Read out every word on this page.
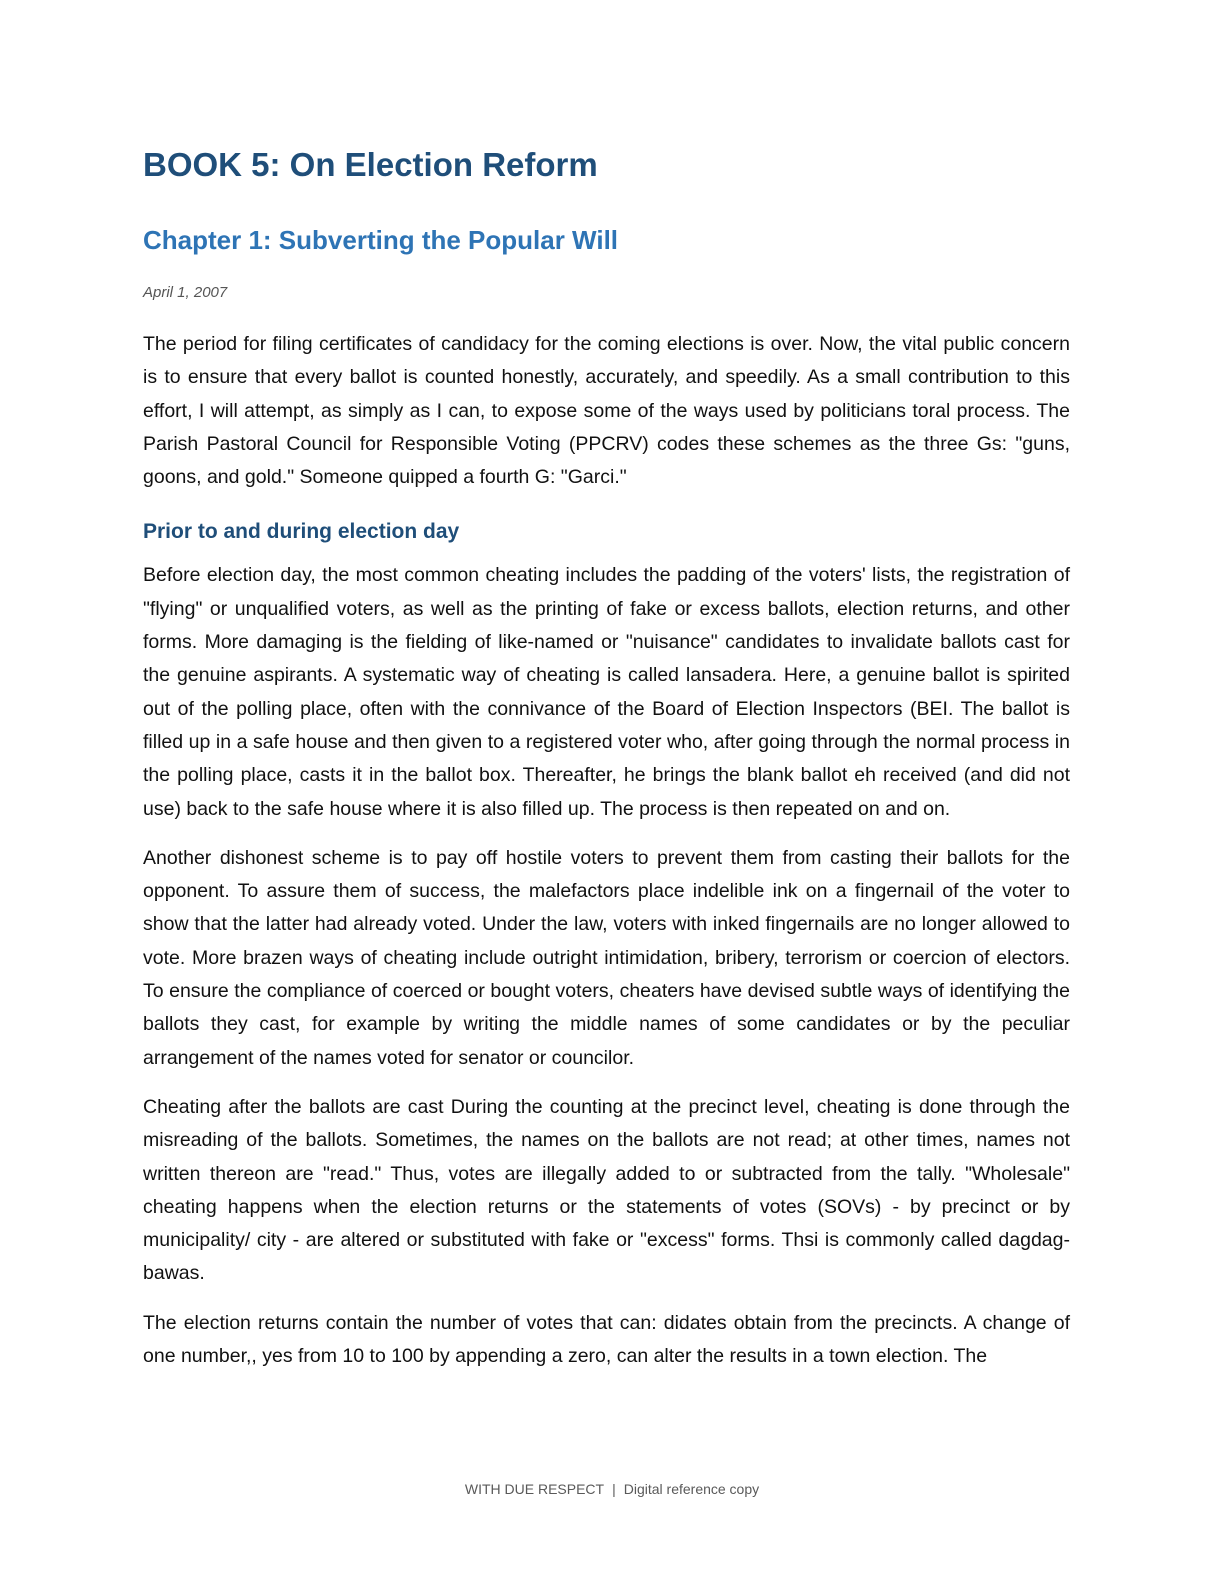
BOOK 5: On Election Reform
Chapter 1: Subverting the Popular Will

April 1, 2007

The period for filing certificates of candidacy for the coming elections is over. Now, the vital public concern is to ensure that every ballot is counted honestly, accurately, and speedily. As a small contribution to this effort, I will attempt, as simply as I can, to expose some of the ways used by politicians toral process. The Parish Pastoral Council for Responsible Voting (PPCRV) codes these schemes as the three Gs: "guns, goons, and gold." Someone quipped a fourth G: "Garci."

Prior to and during election day

Before election day, the most common cheating includes the padding of the voters' lists, the registration of "flying" or unqualified voters, as well as the printing of fake or excess ballots, election returns, and other forms. More damaging is the fielding of like-named or "nuisance" candidates to invalidate ballots cast for the genuine aspirants. A systematic way of cheating is called lansadera. Here, a genuine ballot is spirited out of the polling place, often with the connivance of the Board of Election Inspectors (BEI. The ballot is filled up in a safe house and then given to a registered voter who, after going through the normal process in the polling place, casts it in the ballot box. Thereafter, he brings the blank ballot eh received (and did not use) back to the safe house where it is also filled up. The process is then repeated on and on.

Another dishonest scheme is to pay off hostile voters to prevent them from casting their ballots for the opponent. To assure them of success, the malefactors place indelible ink on a fingernail of the voter to show that the latter had already voted. Under the law, voters with inked fingernails are no longer allowed to vote. More brazen ways of cheating include outright intimidation, bribery, terrorism or coercion of electors. To ensure the compliance of coerced or bought voters, cheaters have devised subtle ways of identifying the ballots they cast, for example by writing the middle names of some candidates or by the peculiar arrangement of the names voted for senator or councilor.

Cheating after the ballots are cast During the counting at the precinct level, cheating is done through the misreading of the ballots. Sometimes, the names on the ballots are not read; at other times, names not written thereon are "read." Thus, votes are illegally added to or subtracted from the tally. "Wholesale" cheating happens when the election returns or the statements of votes (SOVs) - by precinct or by municipality/ city - are altered or substituted with fake or "excess" forms. Thsi is commonly called dagdag-bawas.

The election returns contain the number of votes that can: didates obtain from the precincts. A change of one number,, yes from 10 to 100 by appending a zero, can alter the results in a town election. The

WITH DUE RESPECT | Digital reference copy
